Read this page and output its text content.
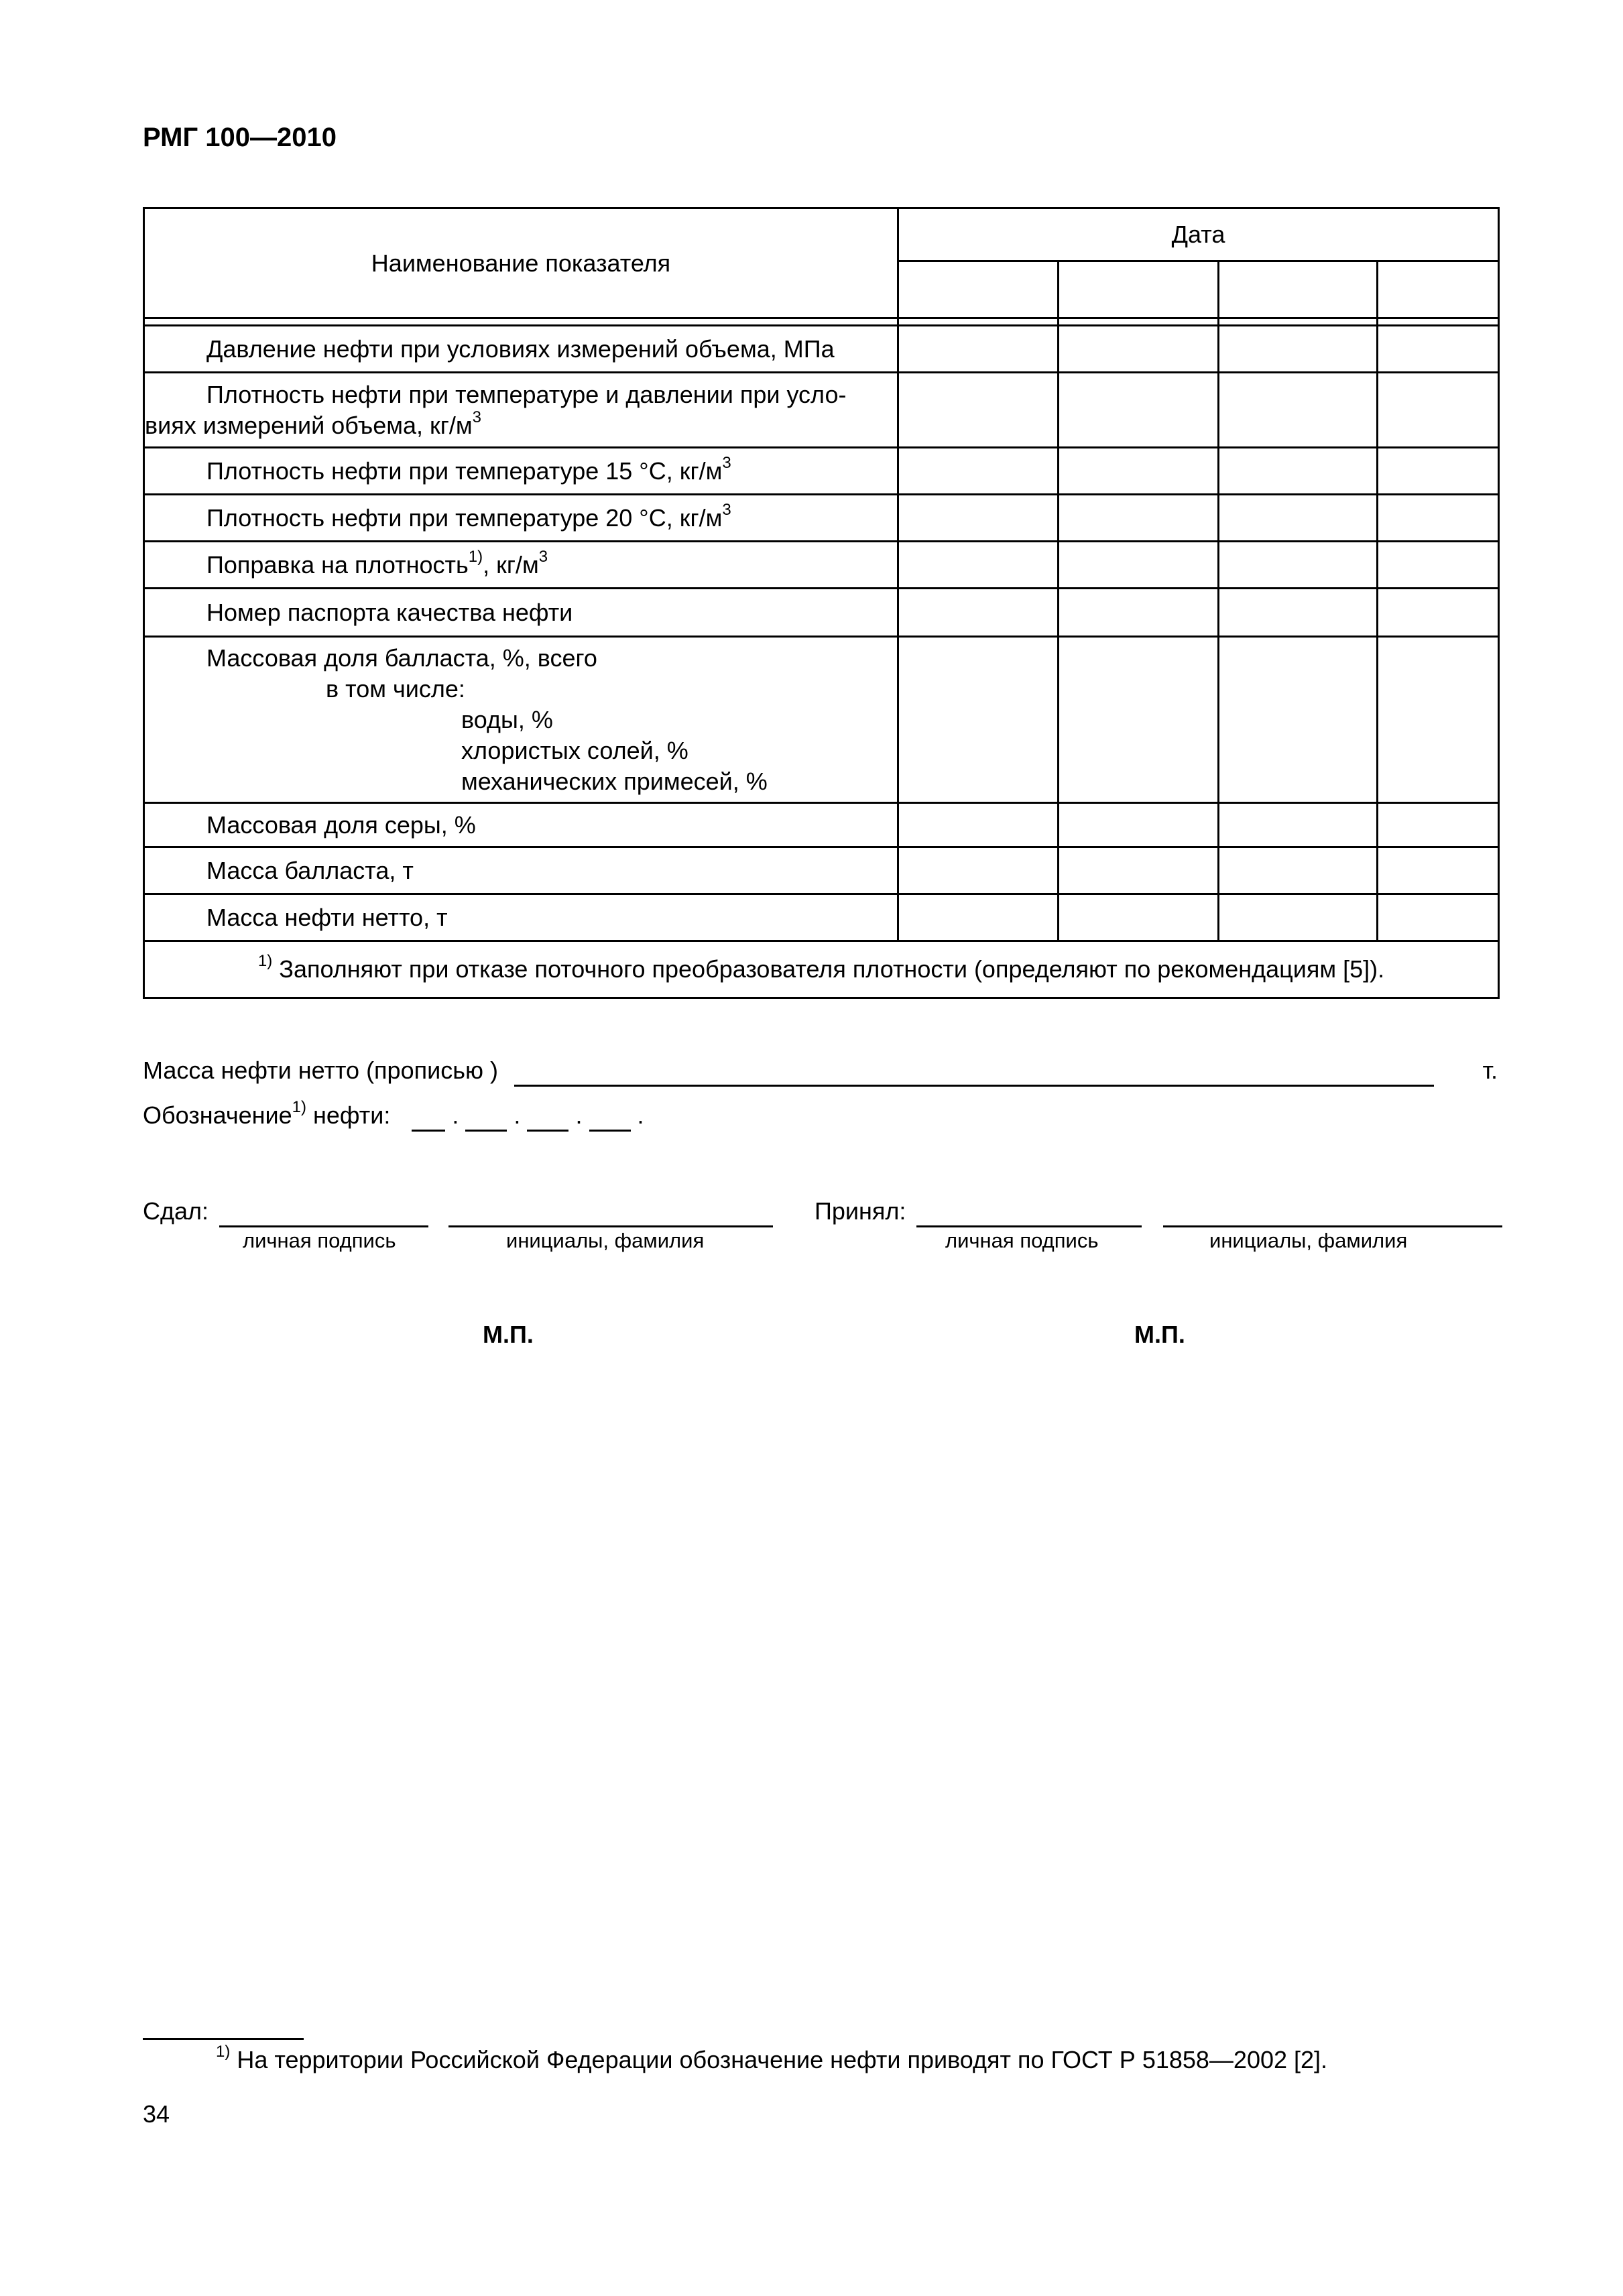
РМГ 100—2010
Наименование показателя	Дата			

Давление нефти при условиях измерений объема, МПа				

Плотность нефти при температуре и давлении при усло-
виях измерений объема, $кг/м^3$

Плотность нефти при температуре 15 °С, $кг/м^3$				
Плотность нефти при температуре 20 °С, $кг/м^3$				
Поправка на плотность$^{1)}$, $кг/м^3$				
Номер паспорта качества нефти				

Массовая доля балласта, %, всего
в том числе:
воды, %
хлористых солей, %
механических примесей, %				

Массовая доля серы, %				
Масса балласта, т				
Масса нефти нетто, т				
$^{1)}$ Заполняют при отказе поточного преобразователя плотности (определяют по рекомендациям [5]).				
Масса нефти нетто (прописью )	т.
Обозначение$^{1)}$ нефти:	. . . .
Сдал:
личная подпись	инициалы, фамилия
Принял:
личная подпись	инициалы, фамилия
М.П.	М.П.
$^{1)}$ На территории Российской Федерации обозначение нефти приводят по ГОСТ Р 51858—2002 [2].
34
